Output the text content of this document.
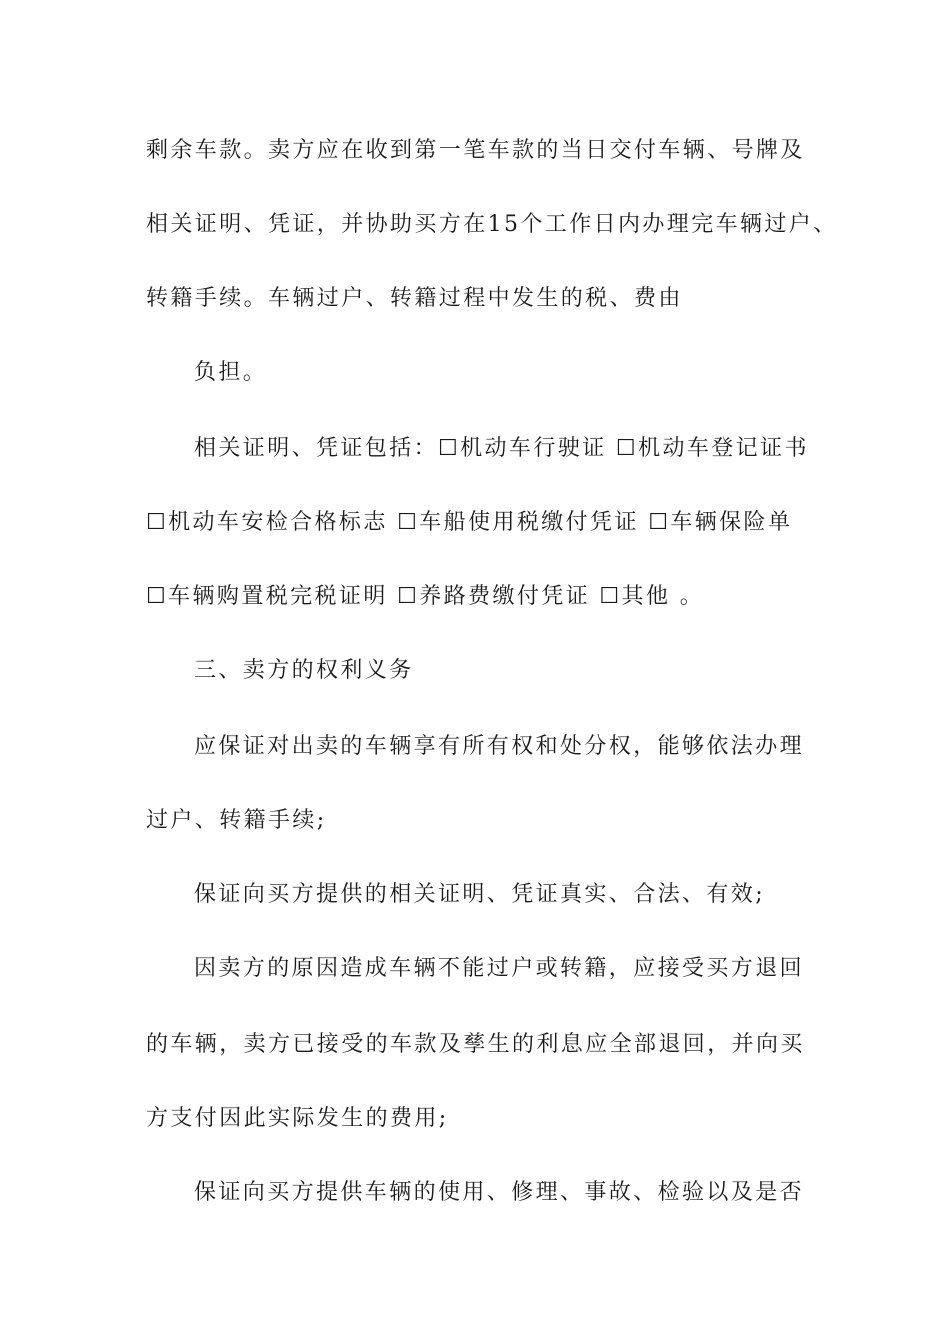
剩余车款。卖方应在收到第一笔车款的当日交付车辆、号牌及

相关证明、凭证，并协助买方在15个工作日内办理完车辆过户、

转籍手续。车辆过户、转籍过程中发生的税、费由

负担。

相关证明、凭证包括：☐机动车行驶证 ☐机动车登记证书

☐机动车安检合格标志 ☐车船使用税缴付凭证 ☐车辆保险单

☐车辆购置税完税证明 ☐养路费缴付凭证 ☐其他 。

三、卖方的权利义务

应保证对出卖的车辆享有所有权和处分权，能够依法办理

过户、转籍手续;

保证向买方提供的相关证明、凭证真实、合法、有效;

因卖方的原因造成车辆不能过户或转籍，应接受买方退回

的车辆，卖方已接受的车款及孳生的利息应全部退回，并向买

方支付因此实际发生的费用;

保证向买方提供车辆的使用、修理、事故、检验以及是否
